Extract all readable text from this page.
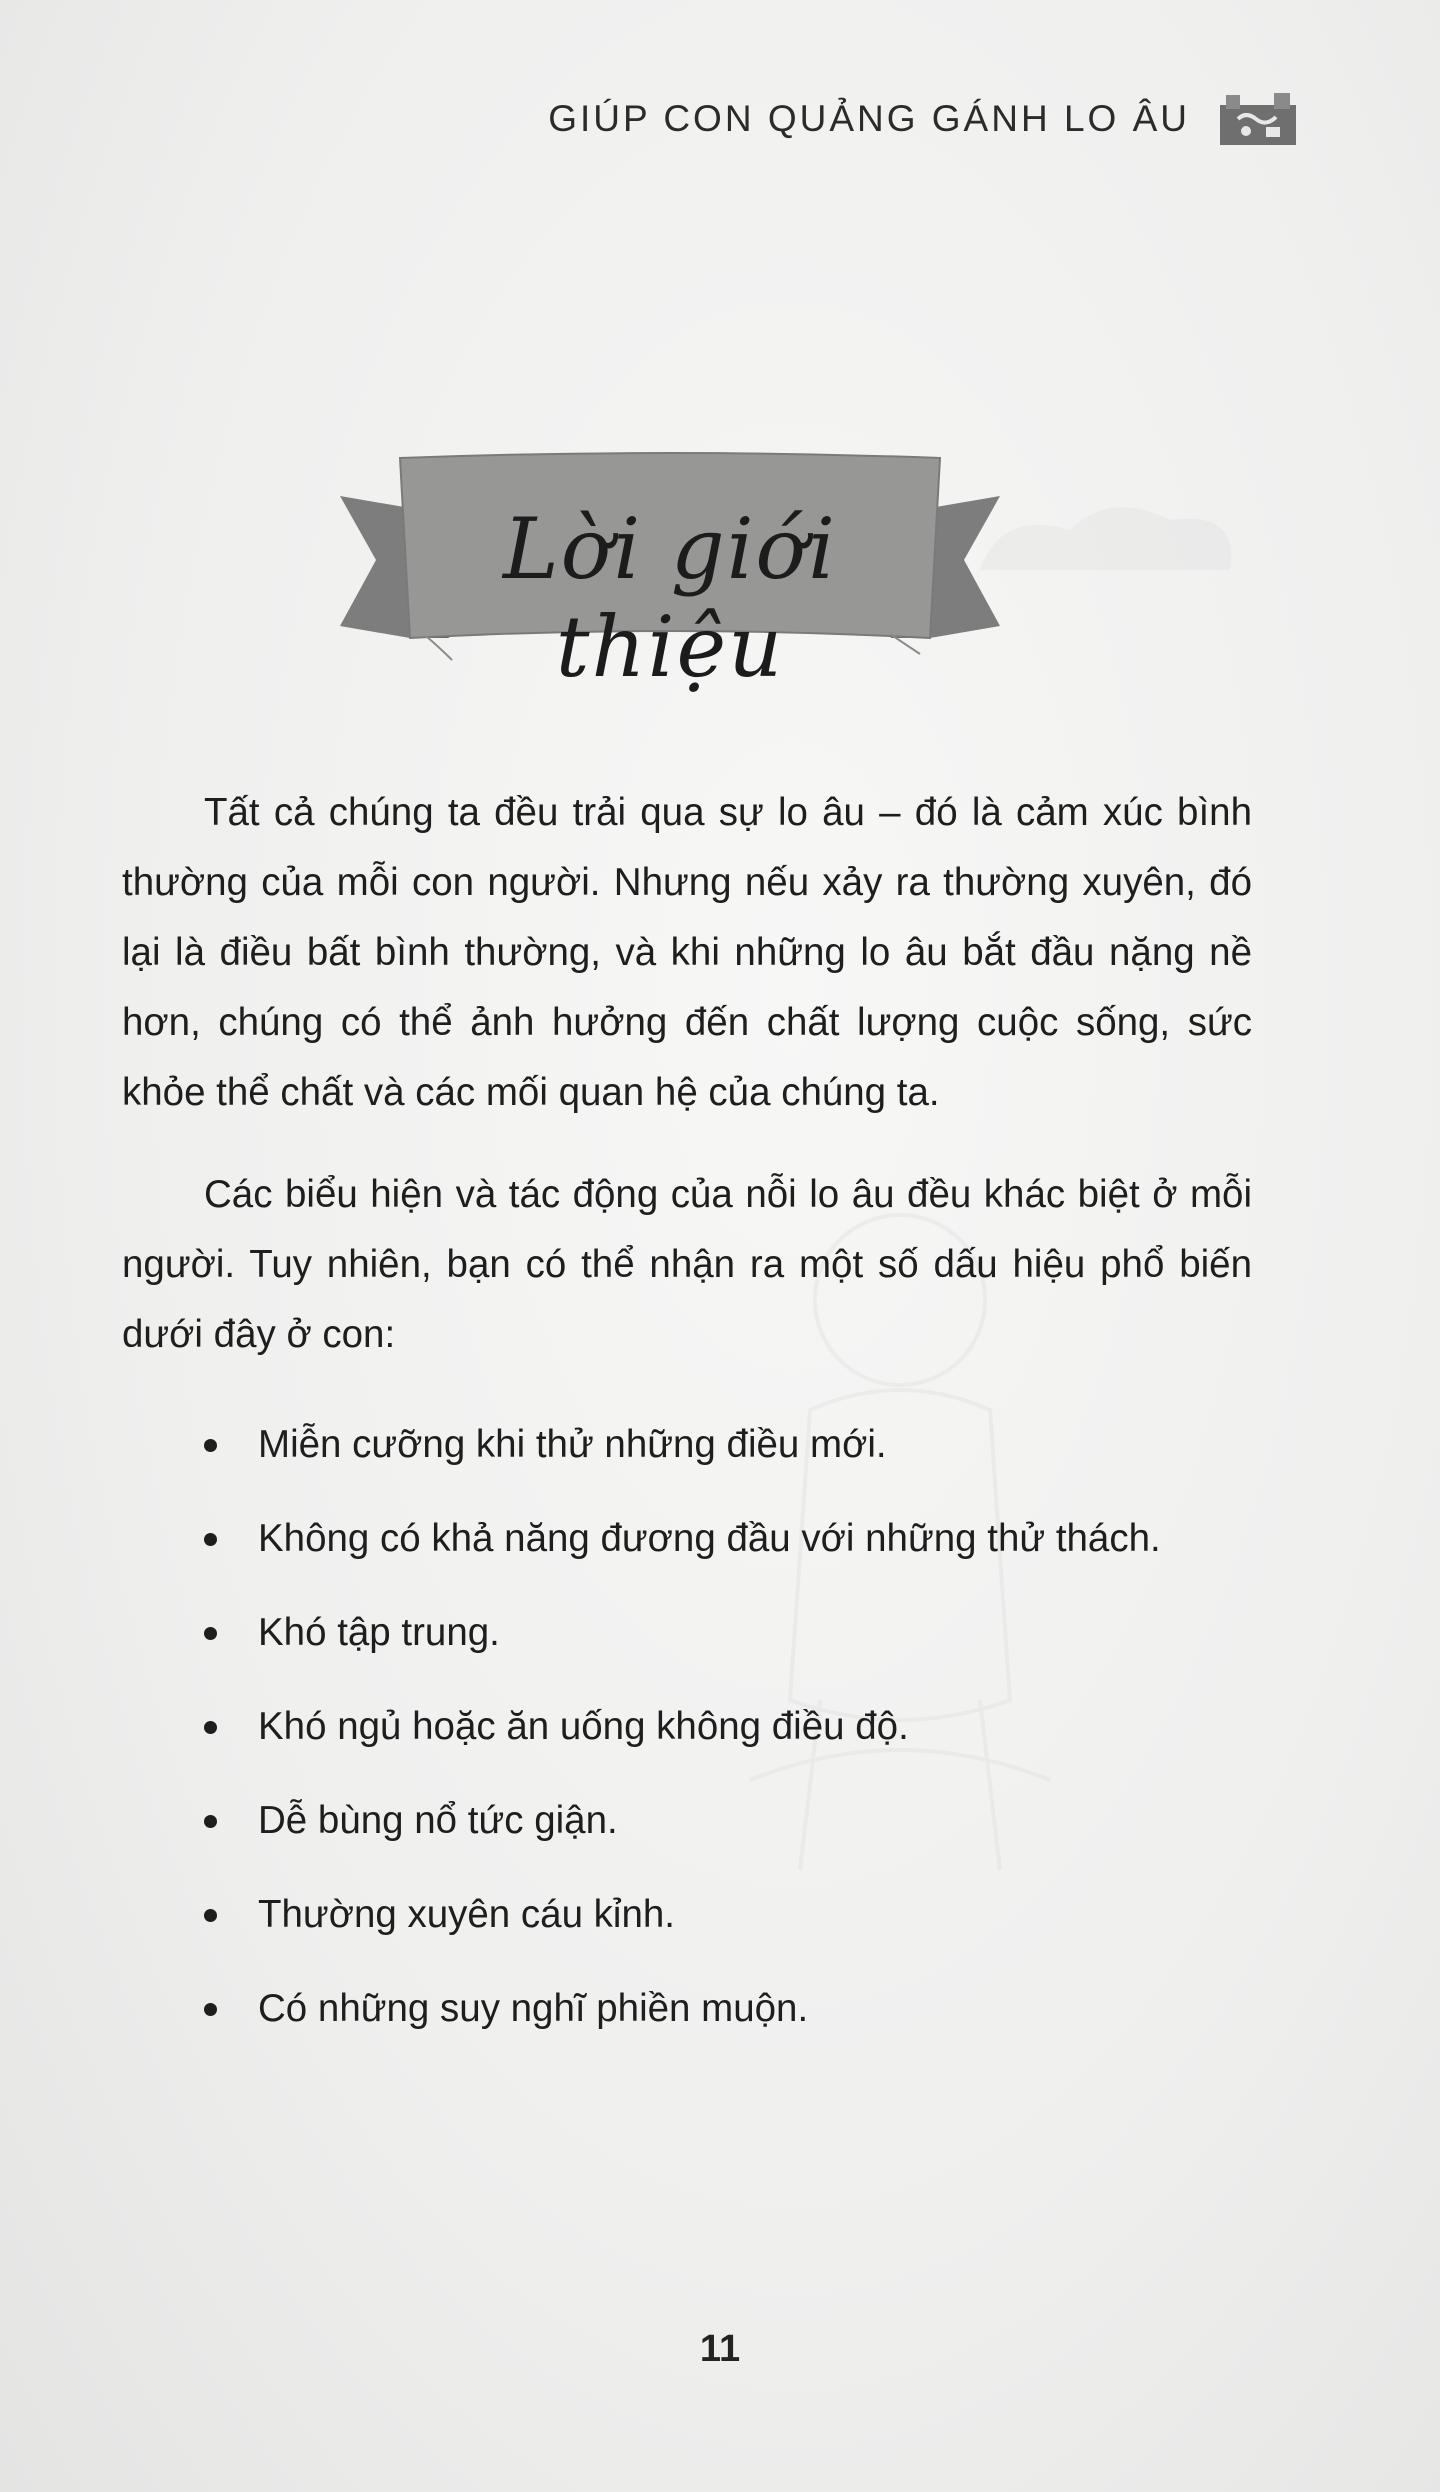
GIÚP CON QUẢNG GÁNH LO ÂU
Lời giới thiệu

Tất cả chúng ta đều trải qua sự lo âu – đó là cảm xúc bình thường của mỗi con người. Nhưng nếu xảy ra thường xuyên, đó lại là điều bất bình thường, và khi những lo âu bắt đầu nặng nề hơn, chúng có thể ảnh hưởng đến chất lượng cuộc sống, sức khỏe thể chất và các mối quan hệ của chúng ta.

Các biểu hiện và tác động của nỗi lo âu đều khác biệt ở mỗi người. Tuy nhiên, bạn có thể nhận ra một số dấu hiệu phổ biến dưới đây ở con:

Miễn cưỡng khi thử những điều mới.
Không có khả năng đương đầu với những thử thách.
Khó tập trung.
Khó ngủ hoặc ăn uống không điều độ.
Dễ bùng nổ tức giận.
Thường xuyên cáu kỉnh.
Có những suy nghĩ phiền muộn.
11
